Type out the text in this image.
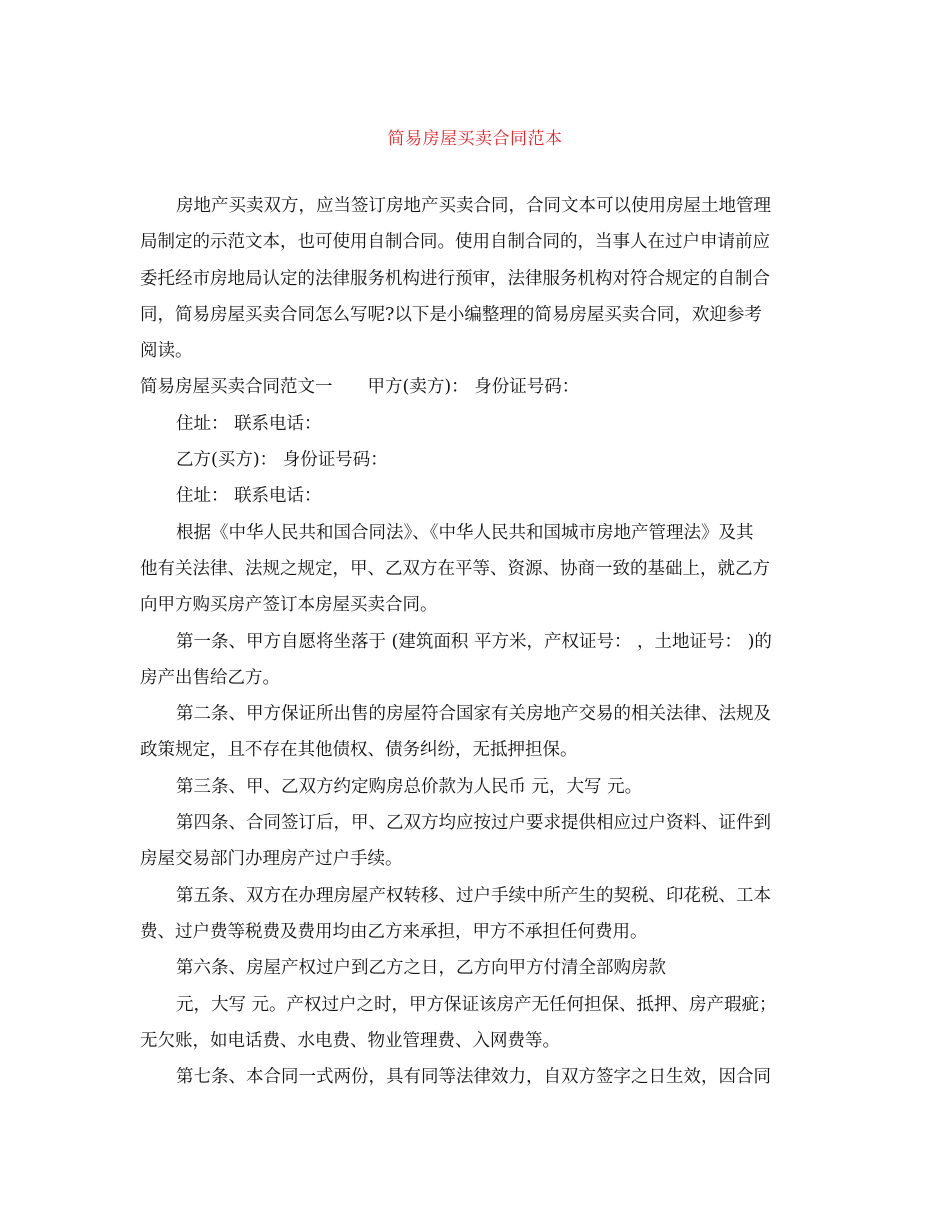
简易房屋买卖合同范本
房地产买卖双方，应当签订房地产买卖合同，合同文本可以使用房屋土地管理
局制定的示范文本，也可使用自制合同。使用自制合同的，当事人在过户申请前应
委托经市房地局认定的法律服务机构进行预审，法律服务机构对符合规定的自制合
同，简易房屋买卖合同怎么写呢?以下是小编整理的简易房屋买卖合同，欢迎参考
阅读。
简易房屋买卖合同范文一　　甲方(卖方)： 身份证号码：
住址： 联系电话：
乙方(买方)： 身份证号码：
住址： 联系电话：
根据《中华人民共和国合同法》、《中华人民共和国城市房地产管理法》及其
他有关法律、法规之规定，甲、乙双方在平等、资源、协商一致的基础上，就乙方
向甲方购买房产签订本房屋买卖合同。
第一条、甲方自愿将坐落于 (建筑面积 平方米，产权证号： ，土地证号： )的
房产出售给乙方。
第二条、甲方保证所出售的房屋符合国家有关房地产交易的相关法律、法规及
政策规定，且不存在其他债权、债务纠纷，无抵押担保。
第三条、甲、乙双方约定购房总价款为人民币 元，大写 元。
第四条、合同签订后，甲、乙双方均应按过户要求提供相应过户资料、证件到
房屋交易部门办理房产过户手续。
第五条、双方在办理房屋产权转移、过户手续中所产生的契税、印花税、工本
费、过户费等税费及费用均由乙方来承担，甲方不承担任何费用。
第六条、房屋产权过户到乙方之日，乙方向甲方付清全部购房款
元，大写 元。产权过户之时，甲方保证该房产无任何担保、抵押、房产瑕疵；
无欠账，如电话费、水电费、物业管理费、入网费等。
第七条、本合同一式两份，具有同等法律效力，自双方签字之日生效，因合同
